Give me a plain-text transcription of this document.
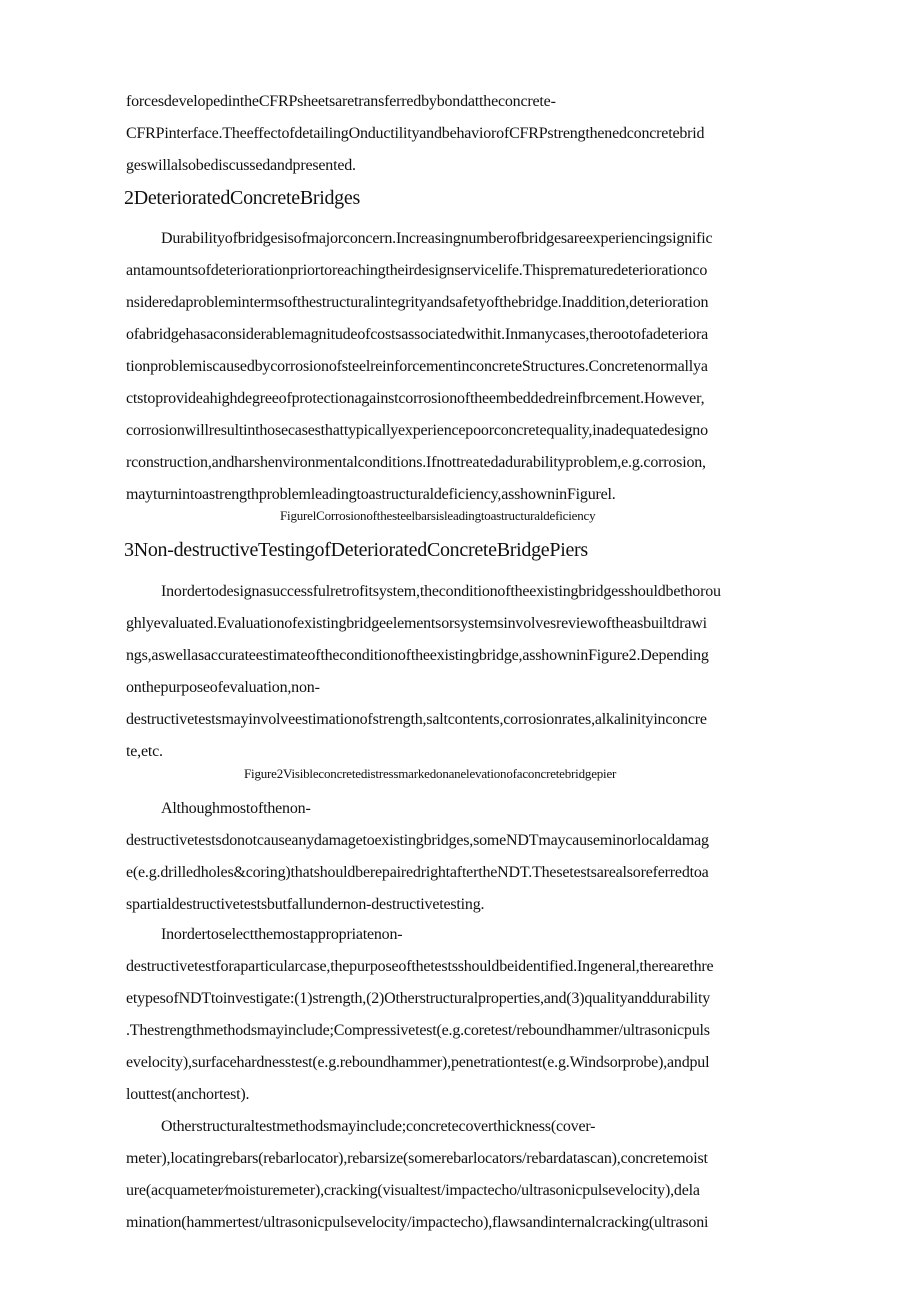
forcesdevelopedintheCFRPsheetsaretransferredbybondattheconcrete-
CFRPinterface.TheeffectofdetailingOnductilityandbehaviorofCFRPstrengthenedconcretebrid
geswillalsobediscussedandpresented.
2DeterioratedConcreteBridges
Durabilityofbridgesisofmajorconcern.Increasingnumberofbridgesareexperiencingsignific
antamountsofdeteriorationpriortoreachingtheirdesignservicelife.Thisprematuredeteriorationco
nsideredaproblemintermsofthestructuralintegrityandsafetyofthebridge.Inaddition,deterioration
ofabridgehasaconsiderablemagnitudeofcostsassociatedwithit.Inmanycases,therootofadeteriora
tionproblemiscausedbycorrosionofsteelreinforcementinconcreteStructures.Concretenormallya
ctstoprovideahighdegreeofprotectionagainstcorrosionoftheembeddedreinfbrcement.However,
corrosionwillresultinthosecasesthattypicallyexperiencepoorconcretequality,inadequatedesigno
rconstruction,andharshenvironmentalconditions.Ifnottreatedadurabilityproblem,e.g.corrosion,
mayturnintoastrengthproblemleadingtoastructuraldeficiency,asshowninFigurel.
FigurelCorrosionofthesteelbarsisleadingtoastructuraldeficiency
3Non-destructiveTestingofDeterioratedConcreteBridgePiers
Inordertodesignasuccessfulretrofitsystem,theconditionoftheexistingbridgesshouldbethorou
ghlyevaluated.Evaluationofexistingbridgeelementsorsystemsinvolvesreviewoftheasbuiltdrawi
ngs,aswellasaccurateestimateoftheconditionoftheexistingbridge,asshowninFigure2.Depending
onthepurposeofevaluation,non-
destructivetestsmayinvolveestimationofstrength,saltcontents,corrosionrates,alkalinityinconcre
te,etc.
Figure2Visibleconcretedistressmarkedonanelevationofaconcretebridgepier
Althoughmostofthenon-
destructivetestsdonotcauseanydamagetoexistingbridges,someNDTmaycauseminorlocaldamag
e(e.g.drilledholes&coring)thatshouldberepairedrightaftertheNDT.Thesetestsarealsoreferredtoa
spartialdestructivetestsbutfallundernon-destructivetesting.
Inordertoselectthemostappropriatenon-
destructivetestforaparticularcase,thepurposeofthetestsshouldbeidentified.Ingeneral,therearethre
etypesofNDTtoinvestigate:(1)strength,(2)Otherstructuralproperties,and(3)qualityanddurability
.Thestrengthmethodsmayinclude;Compressivetest(e.g.coretest/reboundhammer/ultrasonicpuls
evelocity),surfacehardnesstest(e.g.reboundhammer),penetrationtest(e.g.Windsorprobe),andpul
louttest(anchortest).
Otherstructuraltestmethodsmayinclude;concretecoverthickness(cover-
meter),locatingrebars(rebarlocator),rebarsize(somerebarlocators/rebardatascan),concretemoist
ure(acquameter⁄moisturemeter),cracking(visualtest/impactecho/ultrasonicpulsevelocity),dela
mination(hammertest/ultrasonicpulsevelocity/impactecho),flawsandinternalcracking(ultrasoni
